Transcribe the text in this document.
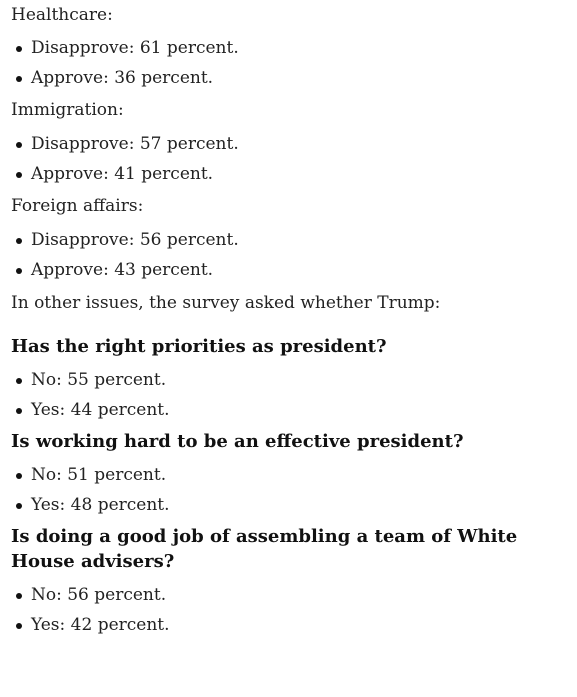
Healthcare:

Disapprove: 61 percent.
Approve: 36 percent.

Immigration:

Disapprove: 57 percent.
Approve: 41 percent.

Foreign affairs:

Disapprove: 56 percent.
Approve: 43 percent.

In other issues, the survey asked whether Trump:

Has the right priorities as president?
No: 55 percent.
Yes: 44 percent.
Is working hard to be an effective president?
No: 51 percent.
Yes: 48 percent.
Is doing a good job of assembling a team of White House advisers?
No: 56 percent.
Yes: 42 percent.
